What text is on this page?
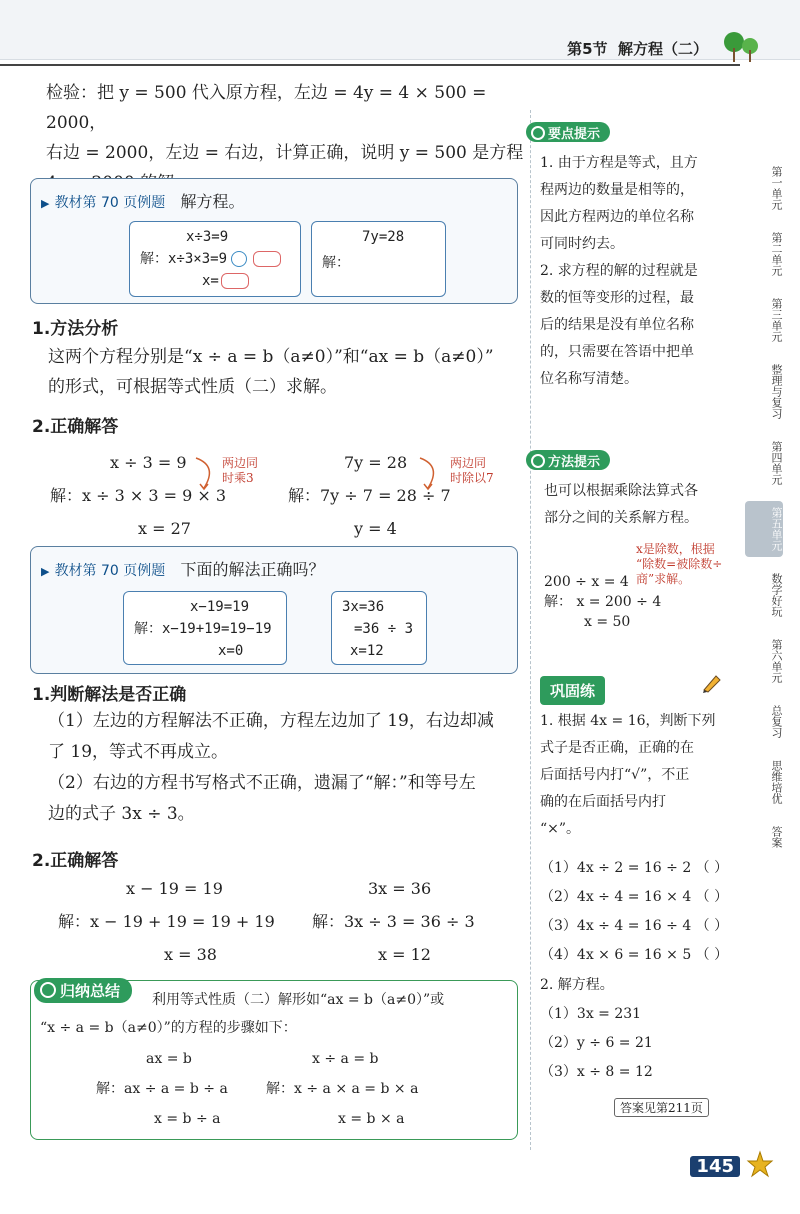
第5节 解方程（二）
检验：把 y = 500 代入原方程，左边 = 4y = 4 × 500 = 2000，
右边 = 2000，左边 = 右边，计算正确，说明 y = 500 是方程
▶ 教材第 70 页例题 解方程。
x÷3=9
解：x÷3×3=9
x=
7y=28
解：
1.方法分析
这两个方程分别是“x ÷ a = b（a≠0）”和“ax = b（a≠0）”
的形式，可根据等式性质（二）求解。
2.正确解答
x ÷ 3 = 9
解：x ÷ 3 × 3 = 9 × 3
x = 27
两边同
时乘3
7y = 28
解：7y ÷ 7 = 28 ÷ 7
y = 4
两边同
时除以7
▶ 教材第 70 页例题 下面的解法正确吗？
x−19=19
解：x−19+19=19−19
x=0
3x=36
=36 ÷ 3
x=12
1.判断解法是否正确
（1）左边的方程解法不正确，方程左边加了 19，右边却减
了 19，等式不再成立。
（2）右边的方程书写格式不正确，遗漏了“解：”和等号左
边的式子 3x ÷ 3。
2.正确解答
x − 19 = 19
解：x − 19 + 19 = 19 + 19
x = 38
3x = 36
解：3x ÷ 3 = 36 ÷ 3
x = 12
归纳总结	利用等式性质（二）解形如“ax = b（a≠0）”或
“x ÷ a = b（a≠0）”的方程的步骤如下：
ax = b
解：ax ÷ a = b ÷ a
x = b ÷ a
x ÷ a = b
解：x ÷ a × a = b × a
x = b × a
要点提示
1. 由于方程是等式，且方
程两边的数量是相等的，
因此方程两边的单位名称
可同时约去。
2. 求方程的解的过程就是
数的恒等变形的过程，最
后的结果是没有单位名称
的，只需要在答语中把单
位名称写清楚。
方法提示
也可以根据乘除法算式各
部分之间的关系解方程。
x是除数，根据
“除数=被除数÷
商”求解。
200 ÷ x = 4
解： x = 200 ÷ 4
x = 50
巩固练
1. 根据 4x = 16，判断下列
式子是否正确，正确的在
后面括号内打“√”，不正
确的在后面括号内打
“×”。
（1）4x ÷ 2 = 16 ÷ 2 （ ）
（2）4x ÷ 4 = 16 × 4 （ ）
（3）4x ÷ 4 = 16 ÷ 4 （ ）
（4）4x × 6 = 16 × 5 （ ）
2. 解方程。
（1）3x = 231
（2）y ÷ 6 = 21
（3）x ÷ 8 = 12
答案见第211页
第一单元
第二单元
第三单元
整理与复习
第四单元
第五单元
数学好玩
第六单元
总复习
思维培优
答案
145
